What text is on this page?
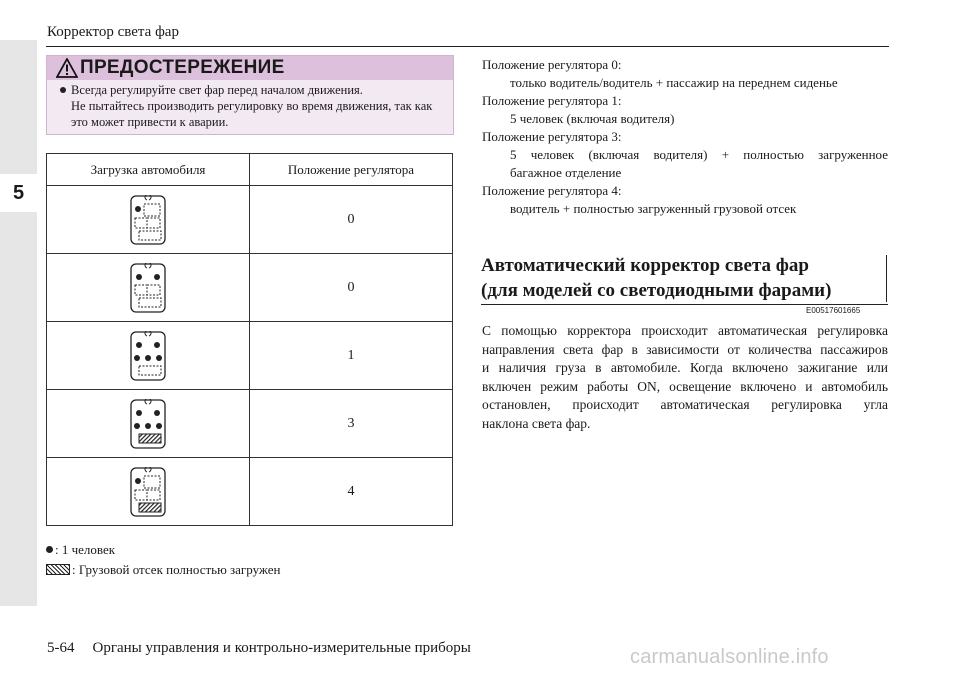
5
Корректор света фар
ПРЕДОСТЕРЕЖЕНИЕ
Всегда регулируйте свет фар перед началом движения.
Не пытайтесь производить регулировку во время движения, так как
это может привести к аварии.
Загрузка автомобиля	Положение регулятора

	0

	0

	1

	3

	4
: 1 человек
: Грузовой отсек полностью загружен
Положение регулятора 0:
только водитель/водитель + пассажир на переднем сиденье
Положение регулятора 1:
5 человек (включая водителя)
Положение регулятора 3:
5 человек (включая водителя) + полностью загруженное
багажное отделение
Положение регулятора 4:
водитель + полностью загруженный грузовой отсек
Автоматический корректор света фар
(для моделей со светодиодными фарами)
E00517601665
С помощью корректора происходит автоматическая регулировка
направления света фар в зависимости от количества пассажиров
и наличия груза в автомобиле. Когда включено зажигание или
включен режим работы ON, освещение включено и автомобиль
остановлен, происходит автоматическая регулировка угла
наклона света фар.
5-64 Органы управления и контрольно-измерительные приборы	carmanualsonline.info
